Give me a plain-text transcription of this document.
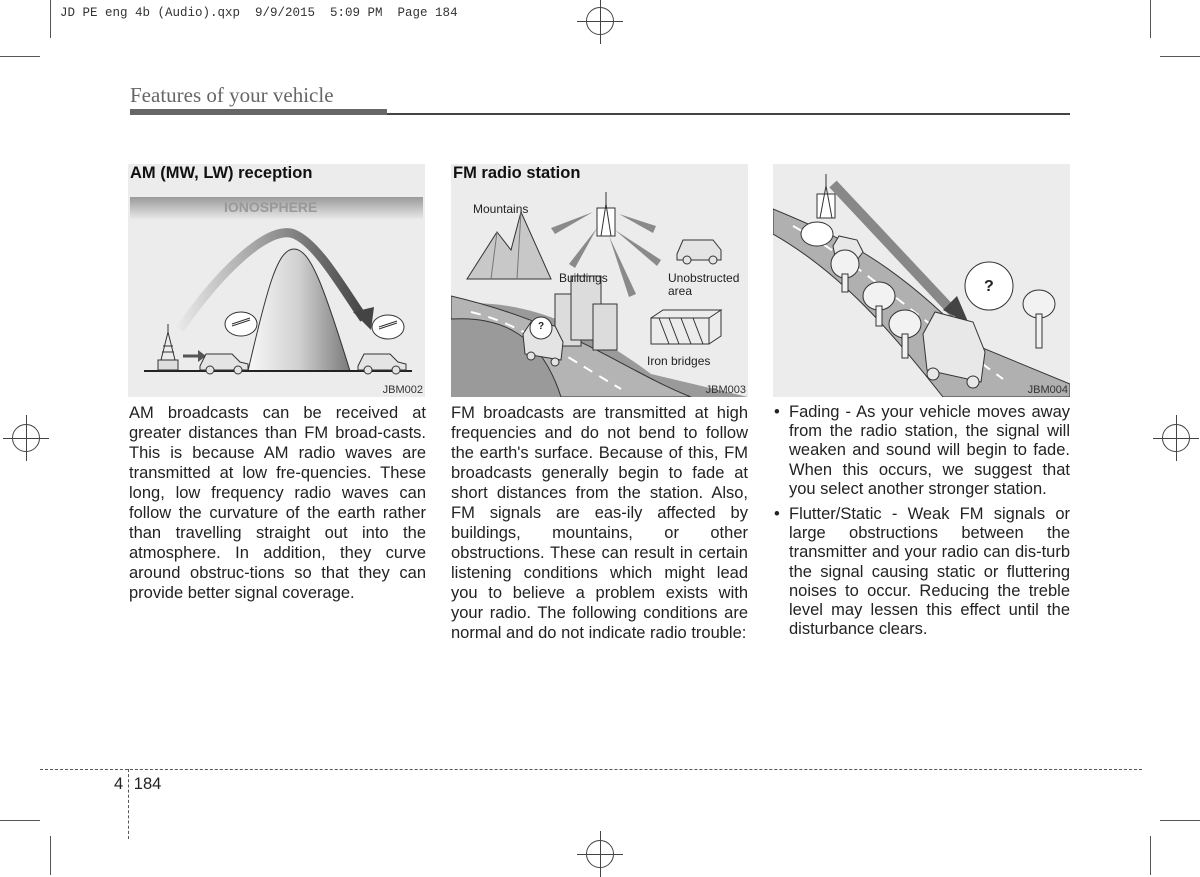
JD PE eng 4b (Audio).qxp  9/9/2015  5:09 PM  Page 184
Features of your vehicle
AM (MW, LW) reception
IONOSPHERE
JBM002
FM radio station
Mountains
Buildings	Unobstructed
area
Iron bridges
?
JBM003
?
JBM004

AM broadcasts can be received at greater distances than FM broad-casts. This is because AM radio waves are transmitted at low fre-quencies. These long, low frequency radio waves can follow the curvature of the earth rather than travelling straight out into the atmosphere. In addition, they curve around obstruc-tions so that they can provide better signal coverage.

FM broadcasts are transmitted at high frequencies and do not bend to follow the earth's surface. Because of this, FM broadcasts generally begin to fade at short distances from the station. Also, FM signals are eas-ily affected by buildings, mountains, or other obstructions. These can result in certain listening conditions which might lead you to believe a problem exists with your radio. The following conditions are normal and do not indicate radio trouble:

• Fading - As your vehicle moves away from the radio station, the signal will weaken and sound will begin to fade. When this occurs, we suggest that you select another stronger station.
• Flutter/Static - Weak FM signals or large obstructions between the transmitter and your radio can dis-turb the signal causing static or fluttering noises to occur. Reducing the treble level may lessen this effect until the disturbance clears.
4 184
